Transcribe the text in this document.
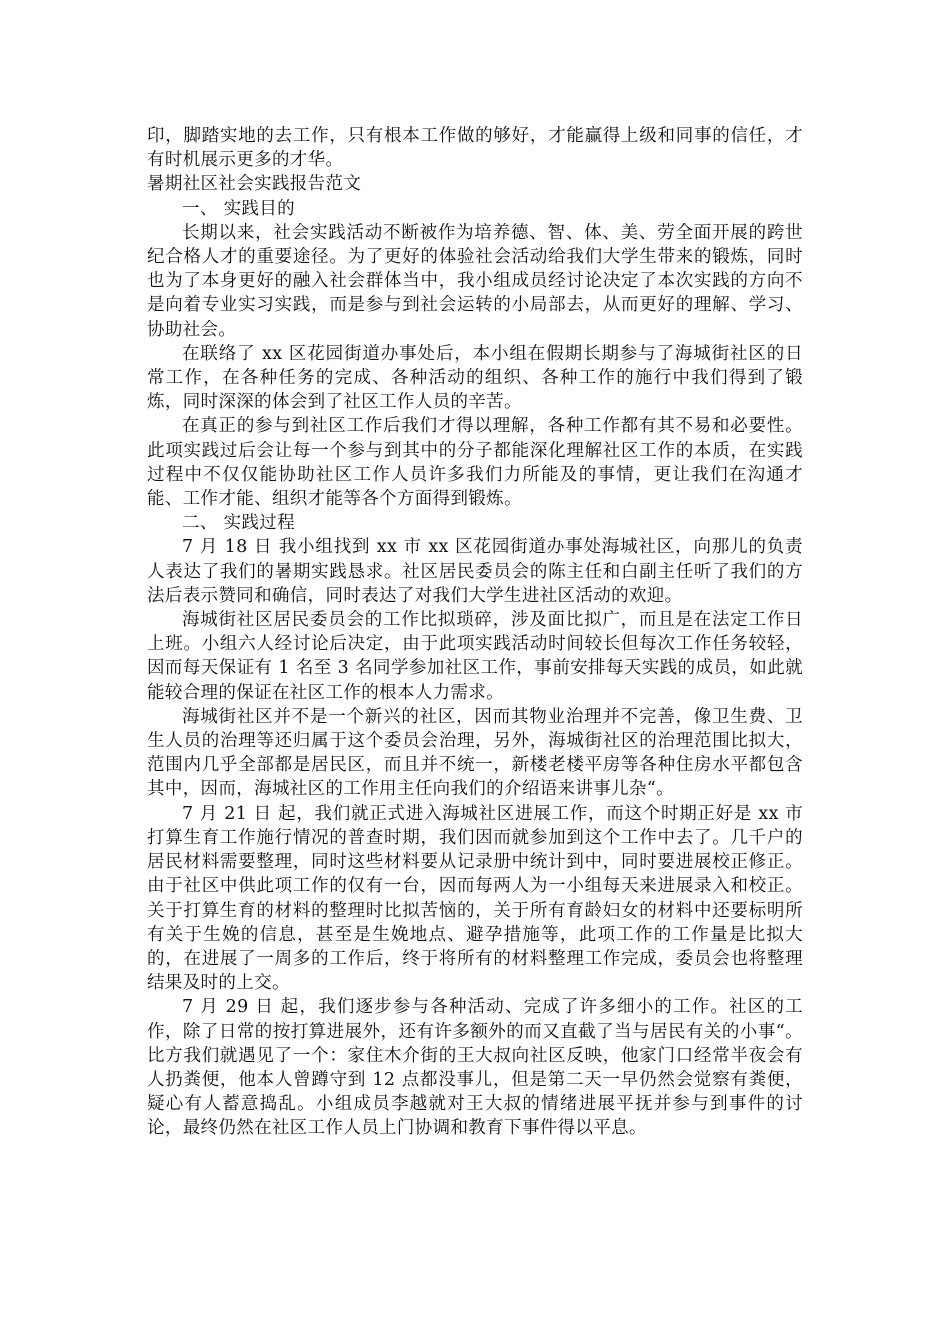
印，脚踏实地的去工作，只有根本工作做的够好，才能赢得上级和同事的信任，才有时机展示更多的才华。

暑期社区社会实践报告范文

一、 实践目的

长期以来，社会实践活动不断被作为培养德、智、体、美、劳全面开展的跨世纪合格人才的重要途径。为了更好的体验社会活动给我们大学生带来的锻炼，同时也为了本身更好的融入社会群体当中，我小组成员经讨论决定了本次实践的方向不是向着专业实习实践，而是参与到社会运转的小局部去，从而更好的理解、学习、协助社会。

在联络了 xx 区花园街道办事处后，本小组在假期长期参与了海城街社区的日常工作，在各种任务的完成、各种活动的组织、各种工作的施行中我们得到了锻炼，同时深深的体会到了社区工作人员的辛苦。

在真正的参与到社区工作后我们才得以理解，各种工作都有其不易和必要性。此项实践过后会让每一个参与到其中的分子都能深化理解社区工作的本质，在实践过程中不仅仅能协助社区工作人员许多我们力所能及的事情，更让我们在沟通才能、工作才能、组织才能等各个方面得到锻炼。

二、 实践过程

7 月 18 日 我小组找到 xx 市 xx 区花园街道办事处海城社区，向那儿的负责人表达了我们的暑期实践恳求。社区居民委员会的陈主任和白副主任听了我们的方法后表示赞同和确信，同时表达了对我们大学生进社区活动的欢迎。

海城街社区居民委员会的工作比拟琐碎，涉及面比拟广，而且是在法定工作日上班。小组六人经讨论后决定，由于此项实践活动时间较长但每次工作任务较轻，因而每天保证有 1 名至 3 名同学参加社区工作，事前安排每天实践的成员，如此就能较合理的保证在社区工作的根本人力需求。

海城街社区并不是一个新兴的社区，因而其物业治理并不完善，像卫生费、卫生人员的治理等还归属于这个委员会治理，另外，海城街社区的治理范围比拟大，范围内几乎全部都是居民区，而且并不统一，新楼老楼平房等各种住房水平都包含其中，因而，海城社区的工作用主任向我们的介绍语来讲事儿杂“。

7 月 21 日 起，我们就正式进入海城社区进展工作，而这个时期正好是 xx 市打算生育工作施行情况的普查时期，我们因而就参加到这个工作中去了。几千户的居民材料需要整理，同时这些材料要从记录册中统计到中，同时要进展校正修正。由于社区中供此项工作的仅有一台，因而每两人为一小组每天来进展录入和校正。关于打算生育的材料的整理时比拟苦恼的，关于所有育龄妇女的材料中还要标明所有关于生娩的信息，甚至是生娩地点、避孕措施等，此项工作的工作量是比拟大的，在进展了一周多的工作后，终于将所有的材料整理工作完成，委员会也将整理结果及时的上交。

7 月 29 日 起，我们逐步参与各种活动、完成了许多细小的工作。社区的工作，除了日常的按打算进展外，还有许多额外的而又直截了当与居民有关的小事“。比方我们就遇见了一个：家住木介街的王大叔向社区反映，他家门口经常半夜会有人扔粪便，他本人曾蹲守到 12 点都没事儿，但是第二天一早仍然会觉察有粪便，疑心有人蓄意捣乱。小组成员李越就对王大叔的情绪进展平抚并参与到事件的讨论，最终仍然在社区工作人员上门协调和教育下事件得以平息。
